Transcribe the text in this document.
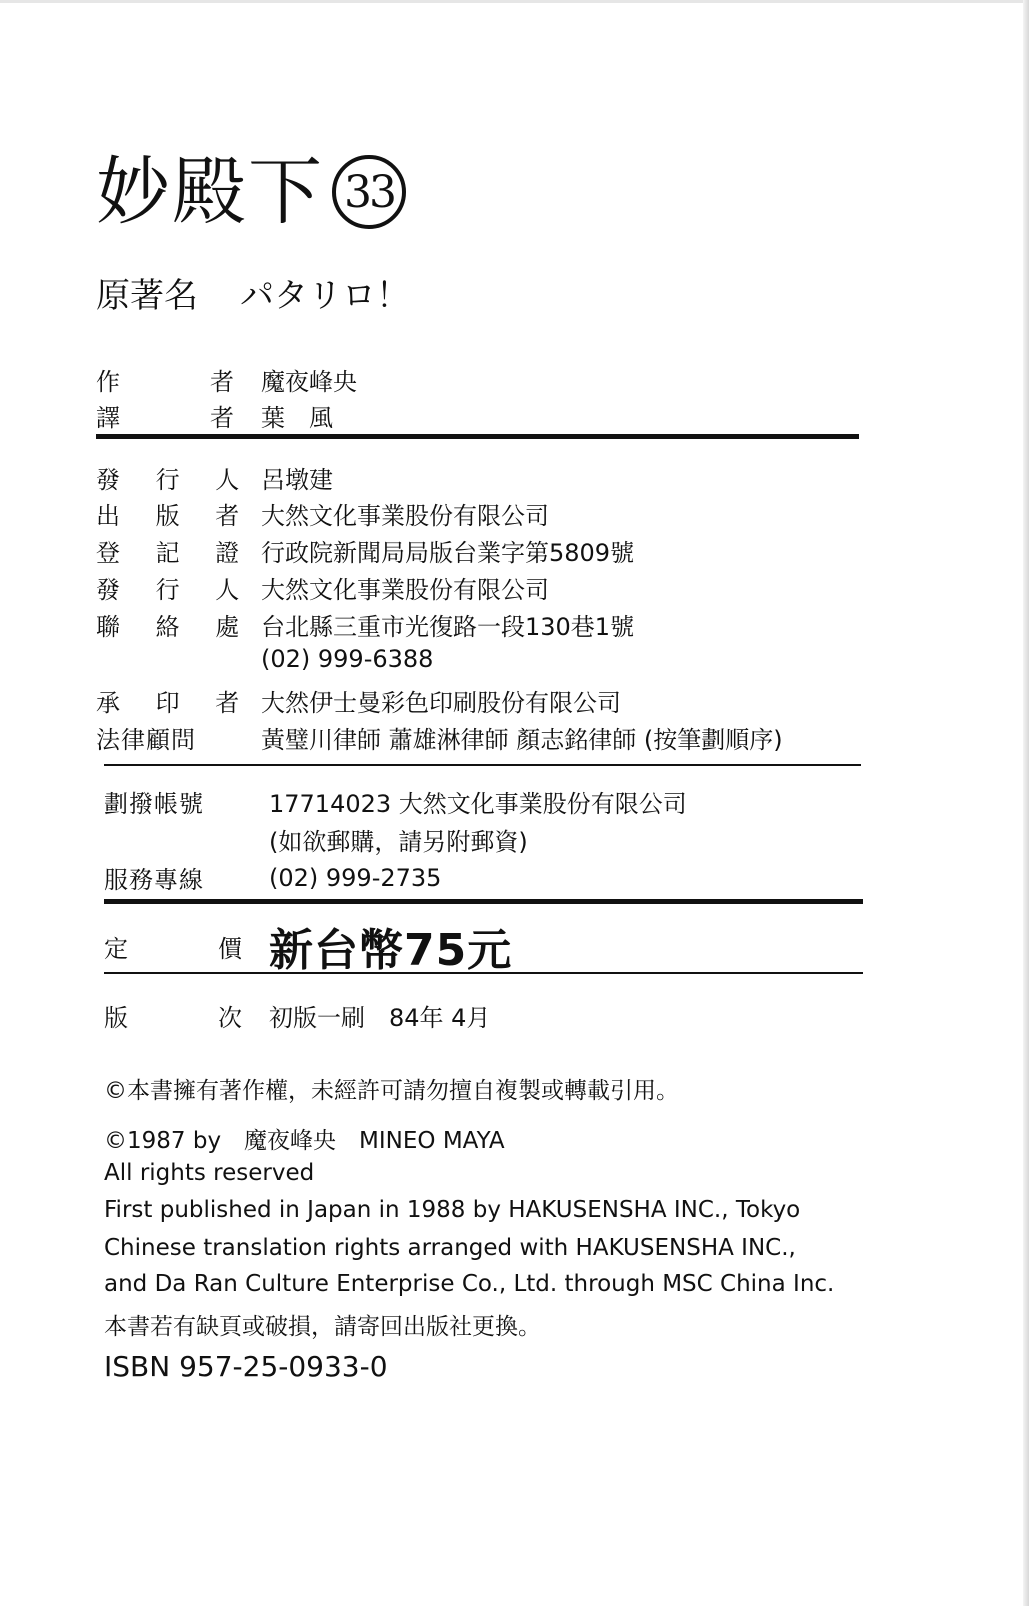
妙殿下 33
原著名 パタリロ！
作　　者 魔夜峰央
譯　　者 葉　風
發 行 人 呂墩建
出 版 者 大然文化事業股份有限公司
登 記 證 行政院新聞局局版台業字第5809號
發 行 人 大然文化事業股份有限公司
聯 絡 處 台北縣三重市光復路一段130巷1號
(02) 999-6388
承 印 者 大然伊士曼彩色印刷股份有限公司
法律顧問	黃璧川律師 蕭雄淋律師 顏志銘律師 (按筆劃順序)
劃撥帳號	17714023 大然文化事業股份有限公司
(如欲郵購，請另附郵資)
服務專線	(02) 999-2735
定　　價 新台幣75元
版　　次 初版一刷　84年 4月
©本書擁有著作權，未經許可請勿擅自複製或轉載引用。
©1987 by　魔夜峰央　MINEO MAYA
All rights reserved
First published in Japan in 1988 by HAKUSENSHA INC., Tokyo
Chinese translation rights arranged with HAKUSENSHA INC.,
and Da Ran Culture Enterprise Co., Ltd. through MSC China Inc.
本書若有缺頁或破損，請寄回出版社更換。
ISBN 957-25-0933-0
